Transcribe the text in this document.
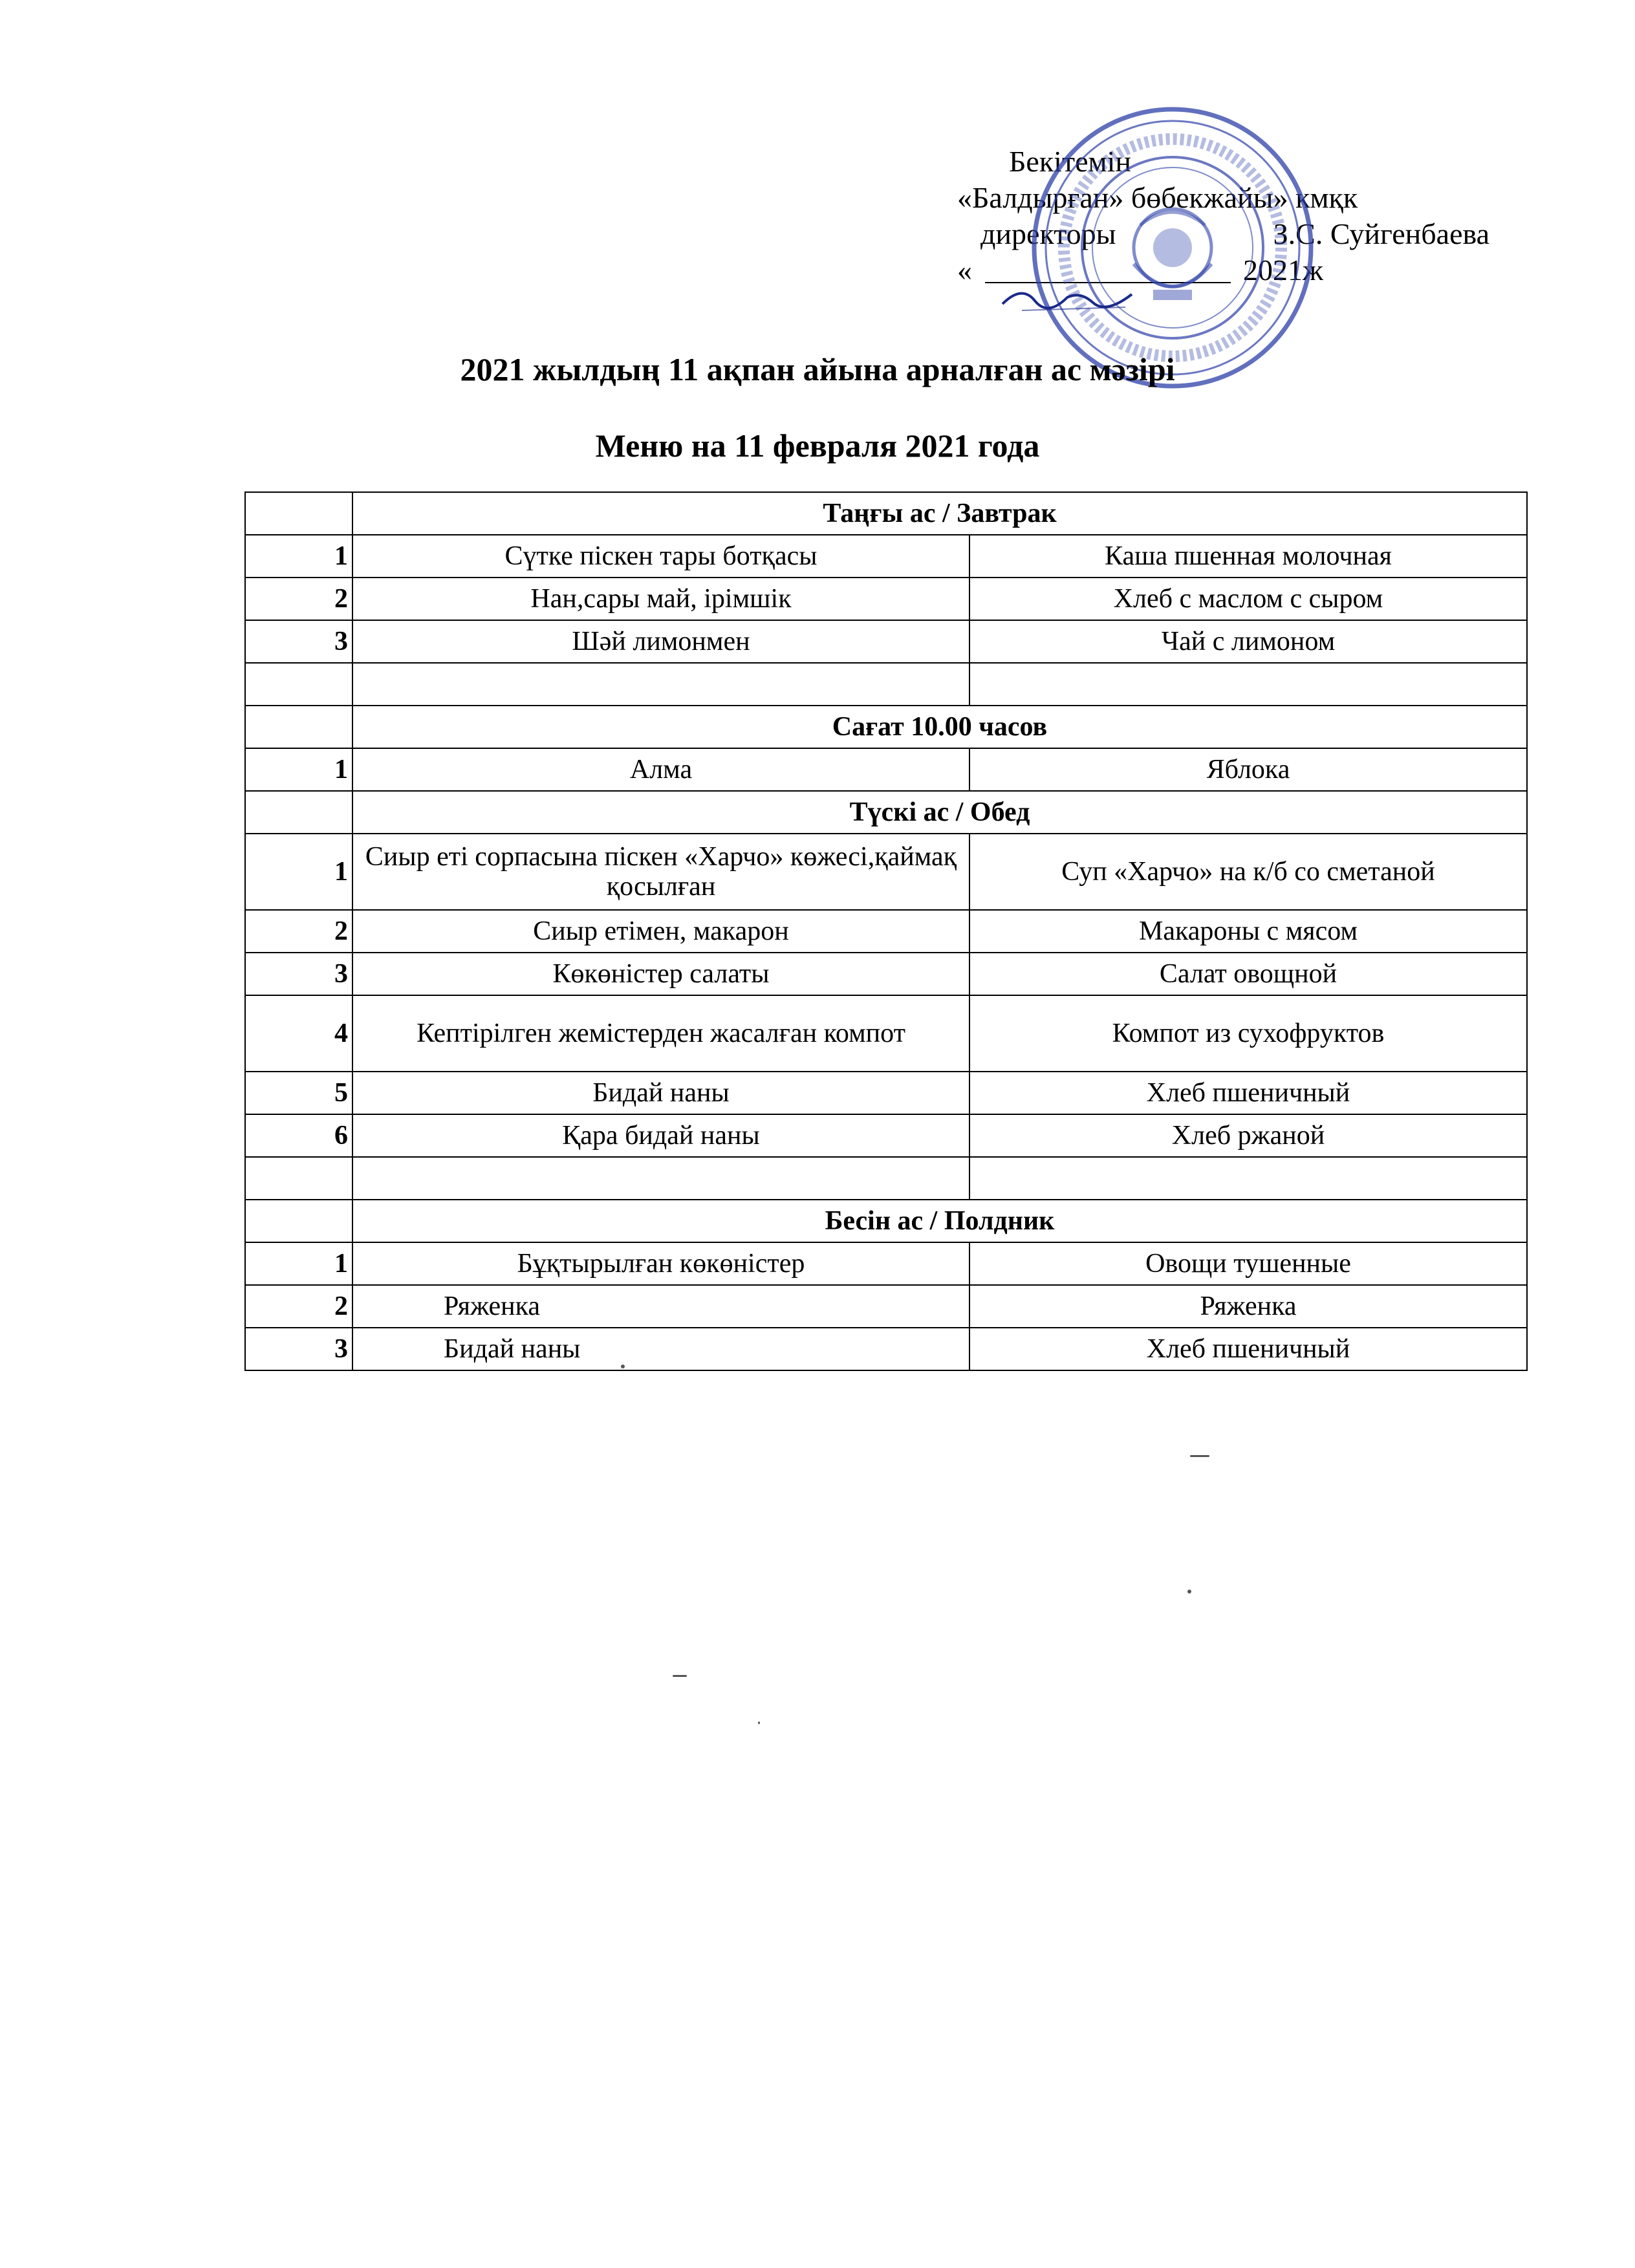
Бекітемін
«Балдырған» бөбекжайы» кмқк
директоры	З.С. Суйгенбаева
«	2021ж
2021 жылдың 11 ақпан айына арналған ас мәзірі
Меню на 11 февраля 2021 года
	Таңғы ас / Завтрак	
1	Сүтке піскен тары ботқасы	Каша пшенная молочная
2	Нан,сары май, ірімшік	Хлеб с маслом с сыром
3	Шәй лимонмен	Чай с лимоном

	Сағат 10.00 часов	
1	Алма	Яблока
	Түскі ас / Обед	
1	Сиыр еті сорпасына піскен «Харчо» көжесі,қаймақ қосылған	Суп «Харчо» на к/б со сметаной
2	Сиыр етімен, макарон	Макароны с мясом
3	Көкөністер салаты	Салат овощной
4	Кептірілген жемістерден жасалған компот	Компот из сухофруктов
5	Бидай наны	Хлеб пшеничный
6	Қара бидай наны	Хлеб ржаной

	Бесін ас / Полдник	
1	Бұқтырылған көкөністер	Овощи тушенные
2	Ряженка	Ряженка
3	Бидай наны	Хлеб пшеничный
